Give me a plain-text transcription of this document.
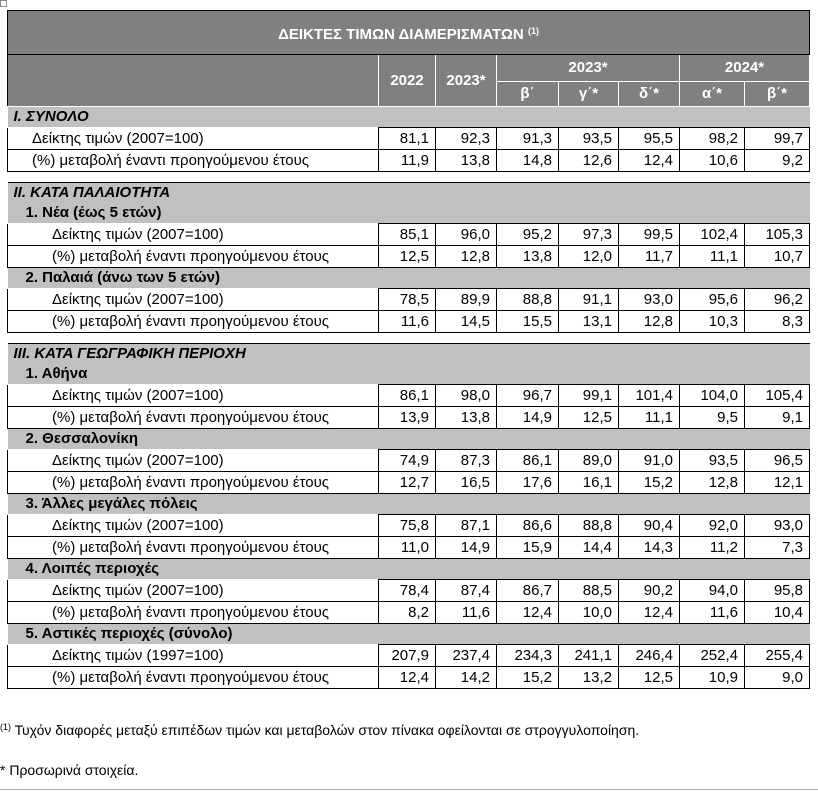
ΔΕΙΚΤΕΣ ΤΙΜΩΝ ΔΙΑΜΕΡΙΣΜΑΤΩΝ $^{(1)}$
	2022	2023*	2023*			2024*	
			β΄	γ΄*	δ΄*	α΄*	β΄*
I. ΣΥΝΟΛΟ							
Δείκτης τιμών (2007=100)	81,1	92,3	91,3	93,5	95,5	98,2	99,7
(%) μεταβολή έναντι προηγούμενου έτους	11,9	13,8	14,8	12,6	12,4	10,6	9,2

II. ΚΑΤΑ ΠΑΛΑΙΟΤΗΤΑ							
1. Νέα (έως 5 ετών)							
Δείκτης τιμών (2007=100)	85,1	96,0	95,2	97,3	99,5	102,4	105,3
(%) μεταβολή έναντι προηγούμενου έτους	12,5	12,8	13,8	12,0	11,7	11,1	10,7
2. Παλαιά (άνω των 5 ετών)							
Δείκτης τιμών (2007=100)	78,5	89,9	88,8	91,1	93,0	95,6	96,2
(%) μεταβολή έναντι προηγούμενου έτους	11,6	14,5	15,5	13,1	12,8	10,3	8,3

III. ΚΑΤΑ ΓΕΩΓΡΑΦΙΚΗ ΠΕΡΙΟΧΗ							
1. Αθήνα							
Δείκτης τιμών (2007=100)	86,1	98,0	96,7	99,1	101,4	104,0	105,4
(%) μεταβολή έναντι προηγούμενου έτους	13,9	13,8	14,9	12,5	11,1	9,5	9,1
2. Θεσσαλονίκη							
Δείκτης τιμών (2007=100)	74,9	87,3	86,1	89,0	91,0	93,5	96,5
(%) μεταβολή έναντι προηγούμενου έτους	12,7	16,5	17,6	16,1	15,2	12,8	12,1
3. Άλλες μεγάλες πόλεις							
Δείκτης τιμών (2007=100)	75,8	87,1	86,6	88,8	90,4	92,0	93,0
(%) μεταβολή έναντι προηγούμενου έτους	11,0	14,9	15,9	14,4	14,3	11,2	7,3
4. Λοιπές περιοχές							
Δείκτης τιμών (2007=100)	78,4	87,4	86,7	88,5	90,2	94,0	95,8
(%) μεταβολή έναντι προηγούμενου έτους	8,2	11,6	12,4	10,0	12,4	11,6	10,4
5. Αστικές περιοχές (σύνολο)							
Δείκτης τιμών (1997=100)	207,9	237,4	234,3	241,1	246,4	252,4	255,4
(%) μεταβολή έναντι προηγούμενου έτους	12,4	14,2	15,2	13,2	12,5	10,9	9,0
$^{(1)}$ Τυχόν διαφορές μεταξύ επιπέδων τιμών και μεταβολών στον πίνακα οφείλονται σε στρογγυλοποίηση.
* Προσωρινά στοιχεία.
